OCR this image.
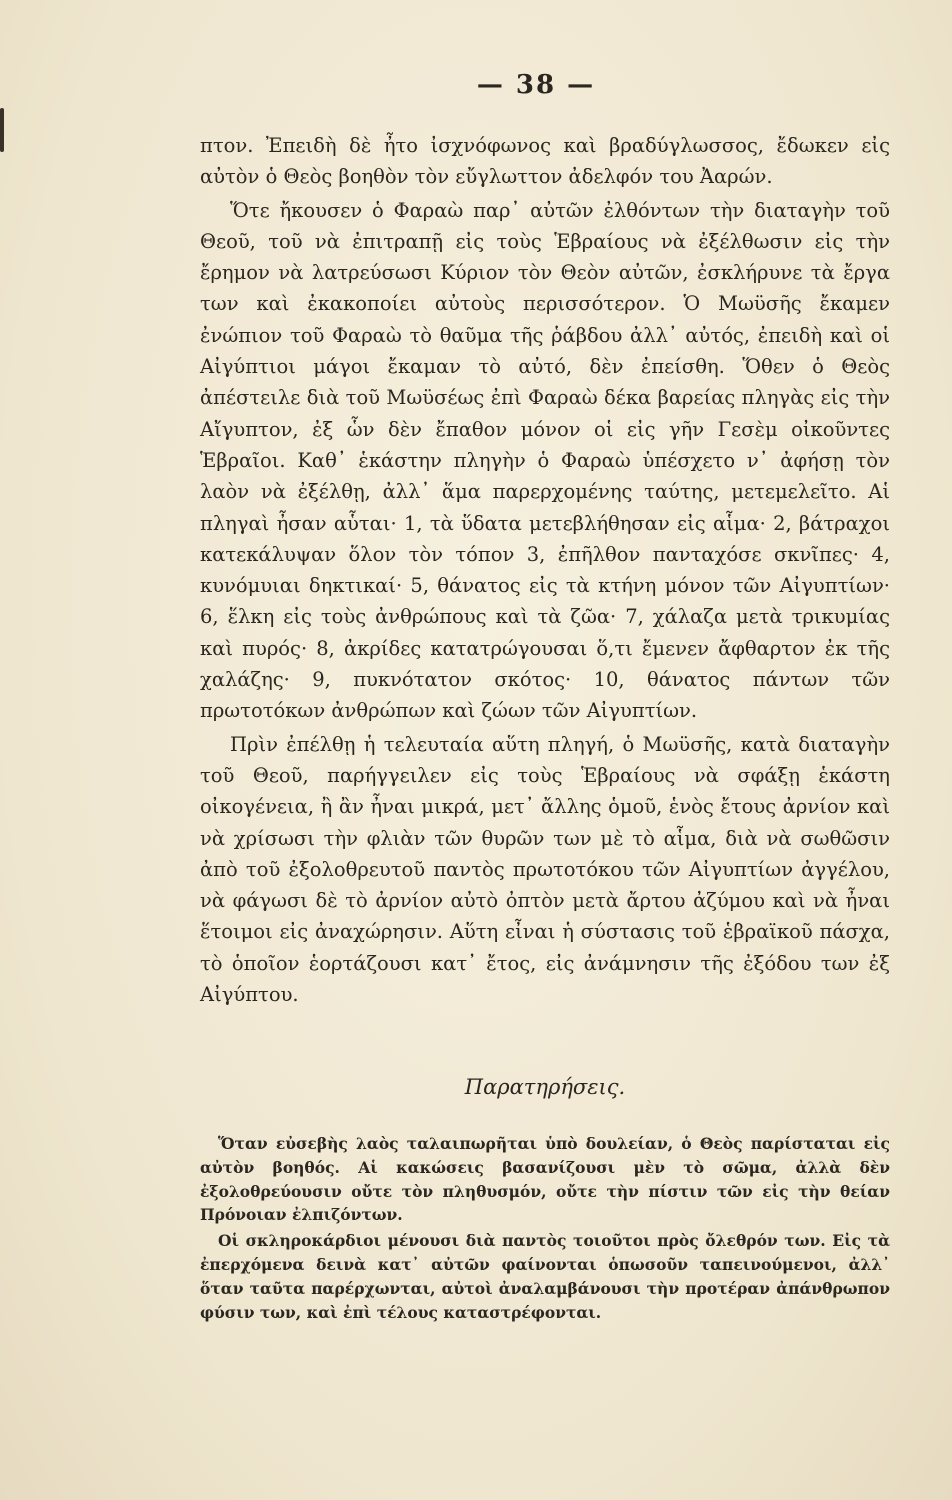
— 38 —

πτον. Ἐπειδὴ δὲ ἦτο ἰσχνόφωνος καὶ βραδύγλωσσος, ἔδωκεν εἰς αὐτὸν ὁ Θεὸς βοηθὸν τὸν εὔγλωττον ἀδελφόν του Ἀαρών.

Ὅτε ἤκουσεν ὁ Φαραὼ παρ᾽ αὐτῶν ἐλθόντων τὴν διαταγὴν τοῦ Θεοῦ, τοῦ νὰ ἐπιτραπῇ εἰς τοὺς Ἑβραίους νὰ ἐξέλθωσιν εἰς τὴν ἔρημον νὰ λατρεύσωσι Κύριον τὸν Θεὸν αὐτῶν, ἐσκλήρυνε τὰ ἔργα των καὶ ἐκακοποίει αὐτοὺς περισσότερον. Ὁ Μωϋσῆς ἔκαμεν ἐνώπιον τοῦ Φαραὼ τὸ θαῦμα τῆς ῥάβδου ἀλλ᾽ αὐτός, ἐπειδὴ καὶ οἱ Αἰγύπτιοι μάγοι ἔκαμαν τὸ αὐτό, δὲν ἐπείσθη. Ὅθεν ὁ Θεὸς ἀπέστειλε διὰ τοῦ Μωϋσέως ἐπὶ Φαραὼ δέκα βαρείας πληγὰς εἰς τὴν Αἴγυπτον, ἐξ ὧν δὲν ἔπαθον μόνον οἱ εἰς γῆν Γεσὲμ οἰκοῦντες Ἑβραῖοι. Καθ᾽ ἑκάστην πληγὴν ὁ Φαραὼ ὑπέσχετο ν᾽ ἀφήσῃ τὸν λαὸν νὰ ἐξέλθῃ, ἀλλ᾽ ἅμα παρερχομένης ταύτης, μετεμελεῖτο. Αἱ πληγαὶ ἦσαν αὗται· 1, τὰ ὕδατα μετεβλήθησαν εἰς αἷμα· 2, βάτραχοι κατεκάλυψαν ὅλον τὸν τόπον 3, ἐπῆλθον πανταχόσε σκνῖπες· 4, κυνόμυιαι δηκτικαί· 5, θάνατος εἰς τὰ κτήνη μόνον τῶν Αἰγυπτίων· 6, ἕλκη εἰς τοὺς ἀνθρώπους καὶ τὰ ζῶα· 7, χάλαζα μετὰ τρικυμίας καὶ πυρός· 8, ἀκρίδες κατατρώγουσαι ὅ,τι ἔμενεν ἄφθαρτον ἐκ τῆς χαλάζης· 9, πυκνότατον σκότος· 10, θάνατος πάντων τῶν πρωτοτόκων ἀνθρώπων καὶ ζώων τῶν Αἰγυπτίων.

Πρὶν ἐπέλθῃ ἡ τελευταία αὕτη πληγή, ὁ Μωϋσῆς, κατὰ διαταγὴν τοῦ Θεοῦ, παρήγγειλεν εἰς τοὺς Ἑβραίους νὰ σφάξῃ ἑκάστη οἰκογένεια, ἢ ἂν ἦναι μικρά, μετ᾽ ἄλλης ὁμοῦ, ἑνὸς ἔτους ἀρνίον καὶ νὰ χρίσωσι τὴν φλιὰν τῶν θυρῶν των μὲ τὸ αἷμα, διὰ νὰ σωθῶσιν ἀπὸ τοῦ ἐξολοθρευτοῦ παντὸς πρωτοτόκου τῶν Αἰγυπτίων ἀγγέλου, νὰ φάγωσι δὲ τὸ ἀρνίον αὐτὸ ὀπτὸν μετὰ ἄρτου ἀζύμου καὶ νὰ ἦναι ἕτοιμοι εἰς ἀναχώρησιν. Αὕτη εἶναι ἡ σύστασις τοῦ ἑβραϊκοῦ πάσχα, τὸ ὁποῖον ἑορτάζουσι κατ᾽ ἔτος, εἰς ἀνάμνησιν τῆς ἐξόδου των ἐξ Αἰγύπτου.

Παρατηρήσεις.

Ὅταν εὐσεβὴς λαὸς ταλαιπωρῆται ὑπὸ δουλείαν, ὁ Θεὸς παρίσταται εἰς αὐτὸν βοηθός. Αἱ κακώσεις βασανίζουσι μὲν τὸ σῶμα, ἀλλὰ δὲν ἐξολοθρεύουσιν οὔτε τὸν πληθυσμόν, οὔτε τὴν πίστιν τῶν εἰς τὴν θείαν Πρόνοιαν ἐλπιζόντων.

Οἱ σκληροκάρδιοι μένουσι διὰ παντὸς τοιοῦτοι πρὸς ὄλεθρόν των. Εἰς τὰ ἐπερχόμενα δεινὰ κατ᾽ αὐτῶν φαίνονται ὁπωσοῦν ταπεινούμενοι, ἀλλ᾽ ὅταν ταῦτα παρέρχωνται, αὐτοὶ ἀναλαμβάνουσι τὴν προτέραν ἀπάνθρωπον φύσιν των, καὶ ἐπὶ τέλους καταστρέφονται.
